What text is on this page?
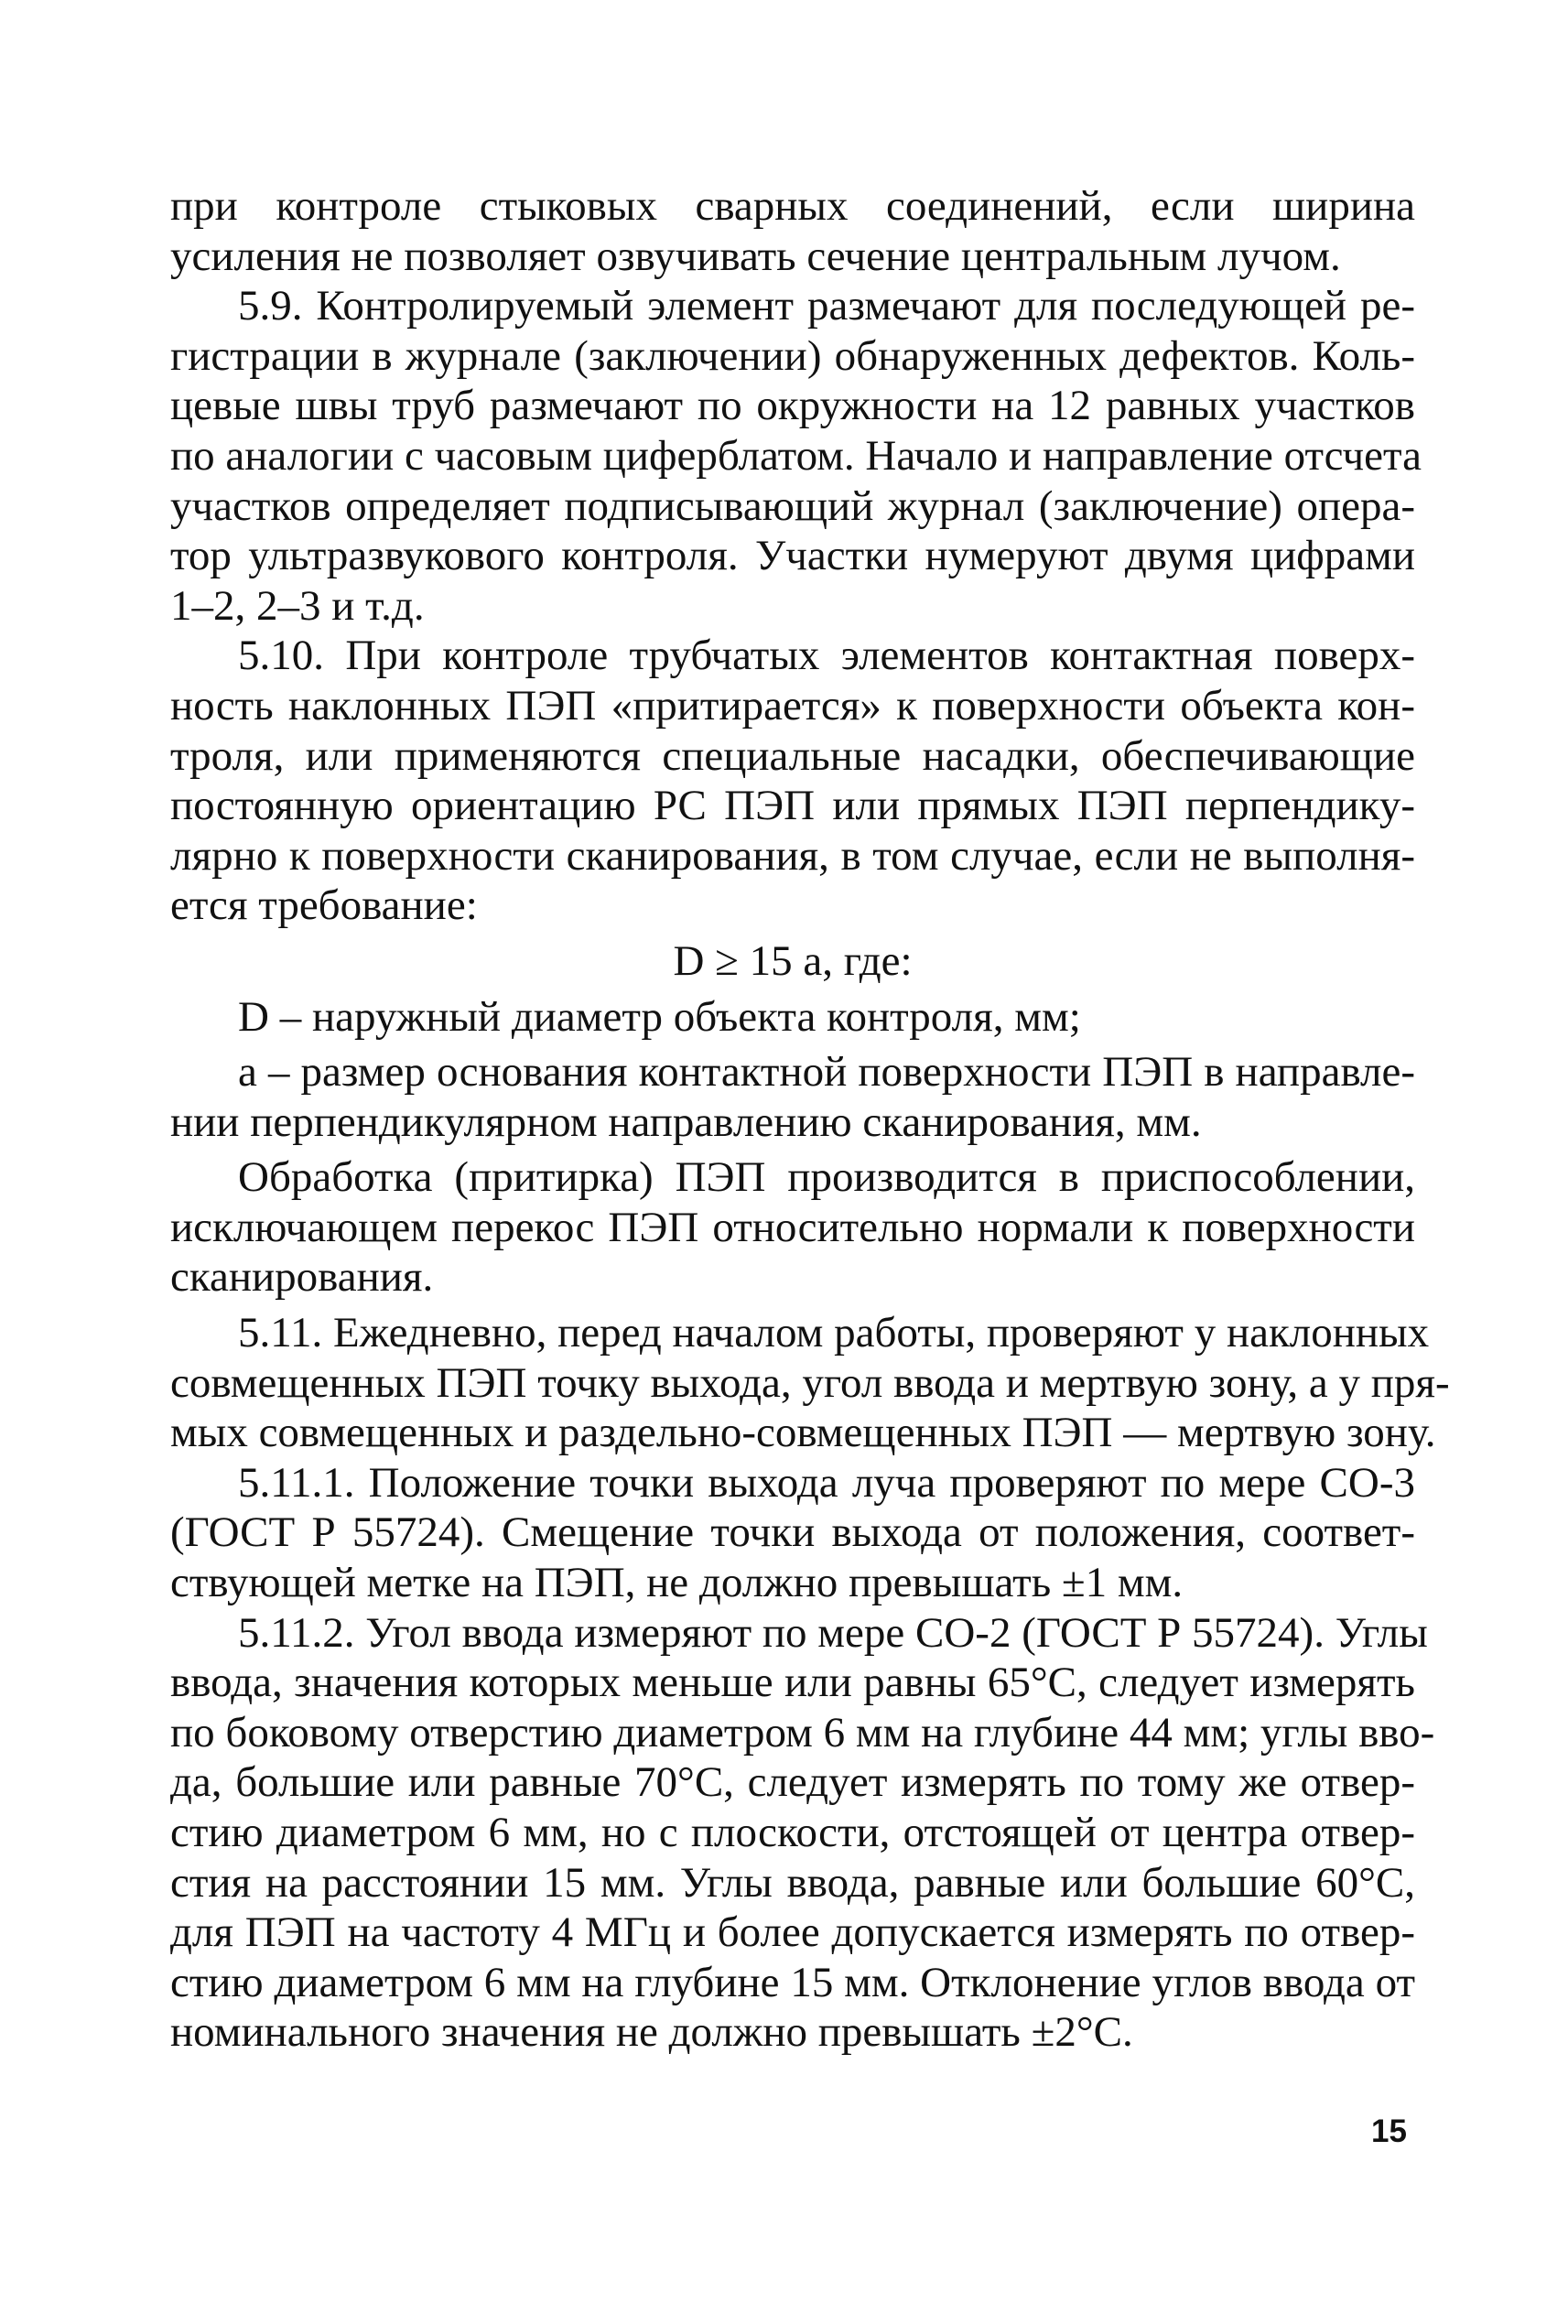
при контроле стыковых сварных соединений, если ширина
усиления не позволяет озвучивать сечение центральным лучом.
5.9. Контролируемый элемент размечают для последующей ре-
гистрации в журнале (заключении) обнаруженных дефектов. Коль-
цевые швы труб размечают по окружности на 12 равных участков
по аналогии с часовым циферблатом. Начало и направление отсчета
участков определяет подписывающий журнал (заключение) опера-
тор ультразвукового контроля. Участки нумеруют двумя цифрами
1–2, 2–3 и т.д.
5.10. При контроле трубчатых элементов контактная поверх-
ность наклонных ПЭП «притирается» к поверхности объекта кон-
троля, или применяются специальные насадки, обеспечивающие
постоянную ориентацию РС ПЭП или прямых ПЭП перпендику-
лярно к поверхности сканирования, в том случае, если не выполня-
ется требование:
D ≥ 15 а, где:
D – наружный диаметр объекта контроля, мм;
а – размер основания контактной поверхности ПЭП в направле-
нии перпендикулярном направлению сканирования, мм.
Обработка (притирка) ПЭП производится в приспособлении,
исключающем перекос ПЭП относительно нормали к поверхности
сканирования.
5.11. Ежедневно, перед началом работы, проверяют у наклонных
совмещенных ПЭП точку выхода, угол ввода и мертвую зону, а у пря-
мых совмещенных и раздельно-совмещенных ПЭП — мертвую зону.
5.11.1. Положение точки выхода луча проверяют по мере СО-3
(ГОСТ Р 55724). Смещение точки выхода от положения, соответ-
ствующей метке на ПЭП, не должно превышать ±1 мм.
5.11.2. Угол ввода измеряют по мере СО-2 (ГОСТ Р 55724). Углы
ввода, значения которых меньше или равны 65°С, следует измерять
по боковому отверстию диаметром 6 мм на глубине 44 мм; углы вво-
да, большие или равные 70°С, следует измерять по тому же отвер-
стию диаметром 6 мм, но с плоскости, отстоящей от центра отвер-
стия на расстоянии 15 мм. Углы ввода, равные или большие 60°С,
для ПЭП на частоту 4 МГц и более допускается измерять по отвер-
стию диаметром 6 мм на глубине 15 мм. Отклонение углов ввода от
номинального значения не должно превышать ±2°С.
15
